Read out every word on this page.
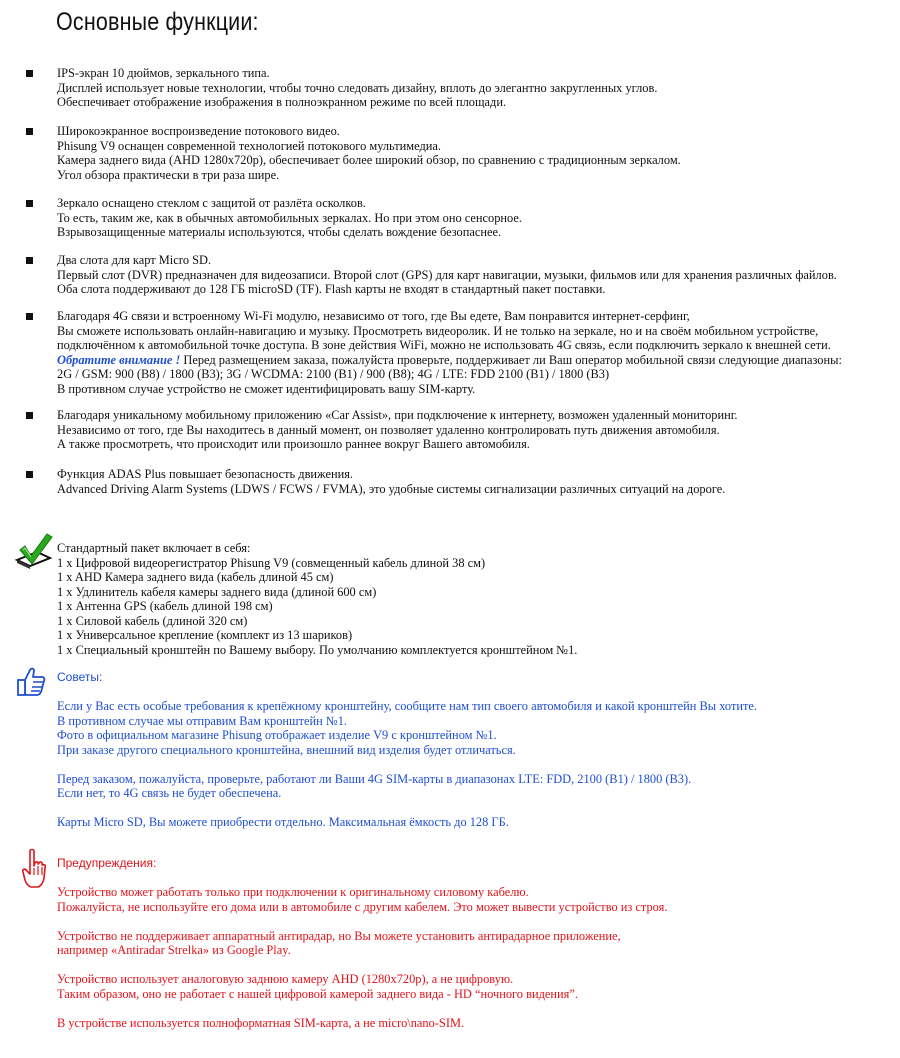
Основные функции:
IPS-экран 10 дюймов, зеркального типа.
Дисплей использует новые технологии, чтобы точно следовать дизайну, вплоть до элегантно закругленных углов.
Обеспечивает отображение изображения в полноэкранном режиме по всей площади.
Широкоэкранное воспроизведение потокового видео.
Phisung V9 оснащен современной технологией потокового мультимедиа.
Камера заднего вида (AHD 1280x720p), обеспечивает более широкий обзор, по сравнению с традиционным зеркалом.
Угол обзора практически в три раза шире.
Зеркало оснащено стеклом с защитой от разлёта осколков.
То есть, таким же, как в обычных автомобильных зеркалах. Но при этом оно сенсорное.
Взрывозащищенные материалы используются, чтобы сделать вождение безопаснее.
Два слота для карт Micro SD.
Первый слот (DVR) предназначен для видеозаписи. Второй слот (GPS) для карт навигации, музыки, фильмов или для хранения различных файлов.
Оба слота поддерживают до 128 ГБ microSD (TF). Flash карты не входят в стандартный пакет поставки.
Благодаря 4G связи и встроенному Wi-Fi модулю, независимо от того, где Вы едете, Вам понравится интернет-серфинг,
Вы сможете использовать онлайн-навигацию и музыку. Просмотреть видеоролик. И не только на зеркале, но и на своём мобильном устройстве,
подключённом к автомобильной точке доступа. В зоне действия WiFi, можно не использовать 4G связь, если подключить зеркало к внешней сети.
Обратите внимание ! Перед размещением заказа, пожалуйста проверьте, поддерживает ли Ваш оператор мобильной связи следующие диапазоны:
2G / GSM: 900 (B8) / 1800 (B3); 3G / WCDMA: 2100 (B1) / 900 (B8); 4G / LTE: FDD 2100 (B1) / 1800 (B3)
В противном случае устройство не сможет идентифицировать вашу SIM-карту.
Благодаря уникальному мобильному приложению «Car Assist», при подключение к интернету, возможен удаленный мониторинг.
Независимо от того, где Вы находитесь в данный момент, он позволяет удаленно контролировать путь движения автомобиля.
А также просмотреть, что происходит или произошло раннее вокруг Вашего автомобиля.
Функция ADAS Plus повышает безопасность движения.
Advanced Driving Alarm Systems (LDWS / FCWS / FVMA), это удобные системы сигнализации различных ситуаций на дороге.
Стандартный пакет включает в себя:
1 x Цифровой видеорегистратор Phisung V9 (совмещенный кабель длиной 38 см)
1 x AHD Камера заднего вида (кабель длиной 45 см)
1 x Удлинитель кабеля камеры заднего вида (длиной 600 см)
1 x Антенна GPS (кабель длиной 198 см)
1 x Силовой кабель (длиной 320 см)
1 x Универсальное крепление (комплект из 13 шариков)
1 x Специальный кронштейн по Вашему выбору. По умолчанию комплектуется кронштейном №1.
Советы:
Если у Вас есть особые требования к крепёжному кронштейну, сообщите нам тип своего автомобиля и какой кронштейн Вы хотите.
В противном случае мы отправим Вам кронштейн №1.
Фото в официальном магазине Phisung отображает изделие V9 с кронштейном №1.
При заказе другого специального кронштейна, внешний вид изделия будет отличаться.
Перед заказом, пожалуйста, проверьте, работают ли Ваши 4G SIM-карты в диапазонах LTE: FDD, 2100 (B1) / 1800 (B3).
Если нет, то 4G связь не будет обеспечена.
Карты Micro SD, Вы можете приобрести отдельно. Максимальная ёмкость до 128 ГБ.
Предупреждения:
Устройство может работать только при подключении к оригинальному силовому кабелю.
Пожалуйста, не используйте его дома или в автомобиле с другим кабелем. Это может вывести устройство из строя.
Устройство не поддерживает аппаратный антирадар, но Вы можете установить антирадарное приложение,
например «Antiradar Strelka» из Google Play.
Устройство использует аналоговую заднюю камеру AHD (1280x720p), а не цифровую.
Таким образом, оно не работает с нашей цифровой камерой заднего вида - HD “ночного видения”.
В устройстве используется полноформатная SIM-карта, а не micro\nano-SIM.
